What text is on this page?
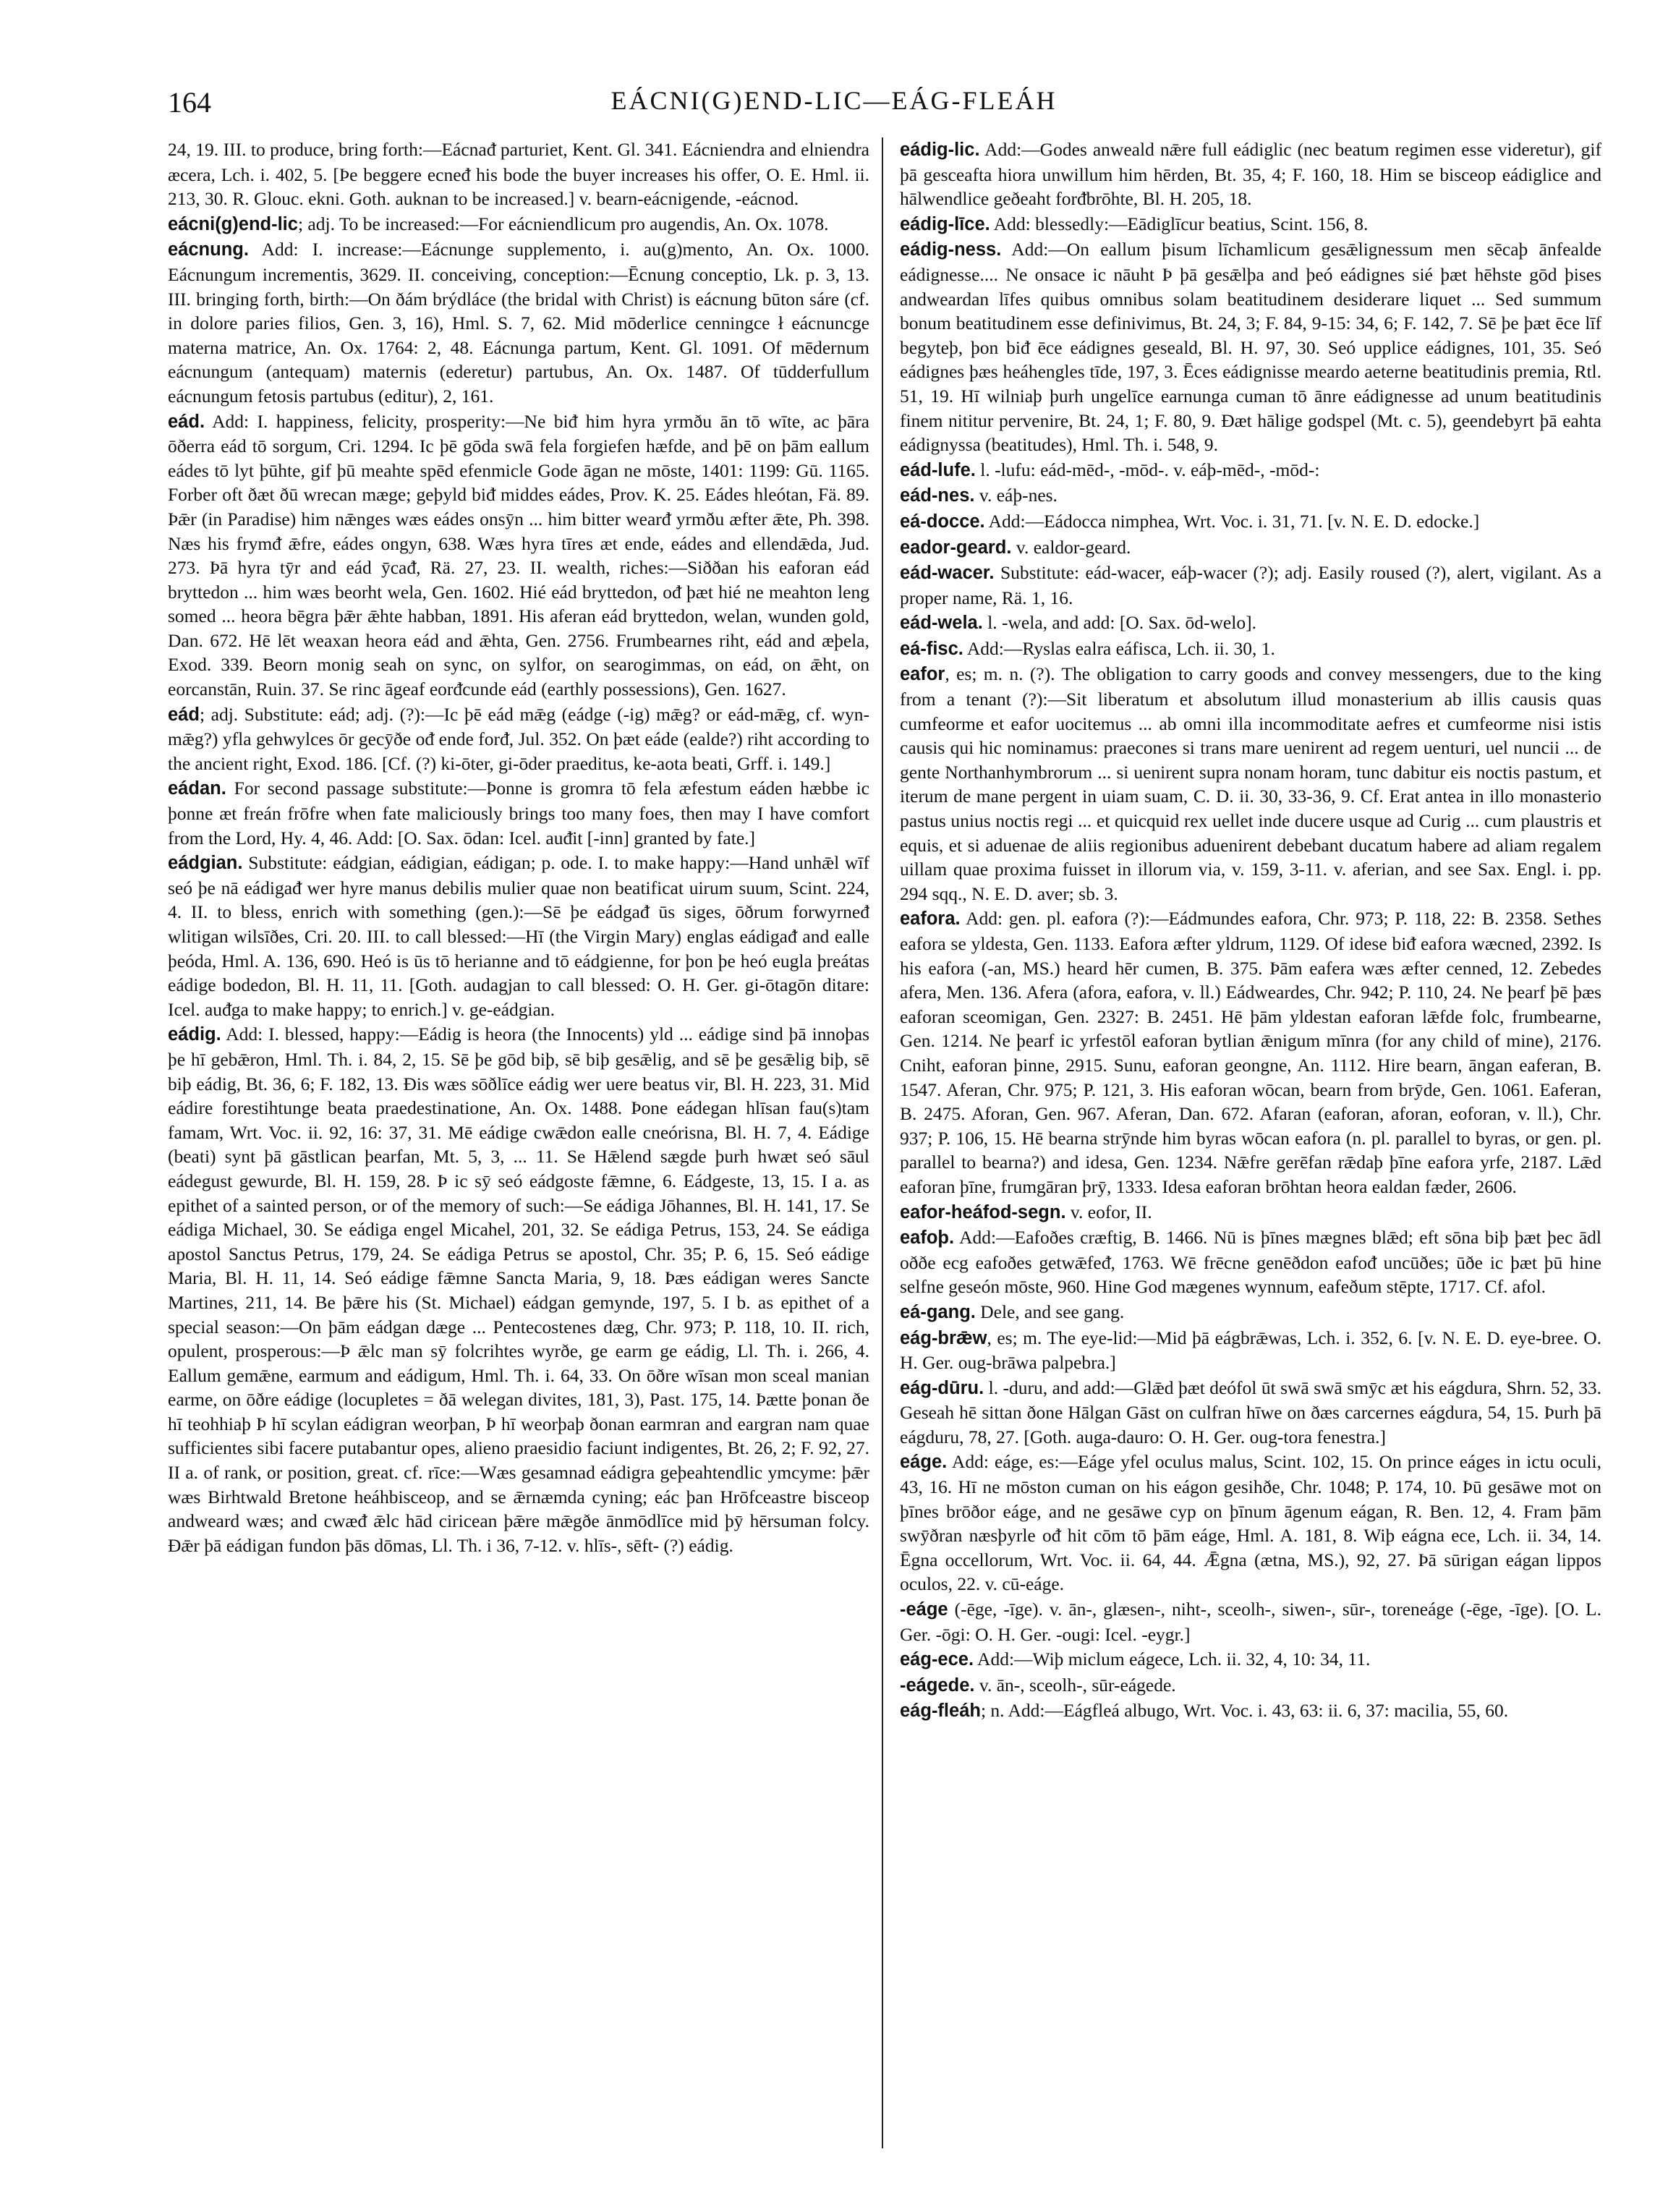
164	EÁCNI(G)END-LIC—EÁG-FLEÁH

24, 19. III. to produce, bring forth:—Eácnaᵭ parturiet, Kent. Gl. 341. Eácniendra and elniendra æcera, Lch. i. 402, 5. [Þe beggere ecneᵭ his bode the buyer increases his offer, O. E. Hml. ii. 213, 30. R. Glouc. ekni. Goth. auknan to be increased.] v. bearn-eácnigende, -eácnod.

eácni(g)end-lic; adj. To be increased:—For eácniendlicum pro augendis, An. Ox. 1078.

eácnung. Add: I. increase:—Eácnunge supplemento, i. au(g)mento, An. Ox. 1000. Eácnungum incrementis, 3629. II. conceiving, conception:—Ēcnung conceptio, Lk. p. 3, 13. III. bringing forth, birth:—On ðám brýdláce (the bridal with Christ) is eácnung būton sáre (cf. in dolore paries filios, Gen. 3, 16), Hml. S. 7, 62. Mid mōderlice cenningce ł eácnuncge materna matrice, An. Ox. 1764: 2, 48. Eácnunga partum, Kent. Gl. 1091. Of mēdernum eácnungum (antequam) maternis (ederetur) partubus, An. Ox. 1487. Of tūdderfullum eácnungum fetosis partubus (editur), 2, 161.

eád. Add: I. happiness, felicity, prosperity:—Ne biᵭ him hyra yrmðu ān tō wīte, ac þāra ōðerra eád tō sorgum, Cri. 1294. Ic þē gōda swā fela forgiefen hæfde, and þē on þām eallum eádes tō lyt þūhte, gif þū meahte spēd efenmicle Gode āgan ne mōste, 1401: 1199: Gū. 1165. Forber oft ðæt ðū wrecan mæge; geþyld biᵭ middes eádes, Prov. K. 25. Eádes hleótan, Fä. 89. Þǣr (in Paradise) him nǣnges wæs eádes onsȳn ... him bitter wearᵭ yrmðu æfter ǣte, Ph. 398. Næs his frymᵭ ǣfre, eádes ongyn, 638. Wæs hyra tīres æt ende, eádes and ellendǣda, Jud. 273. Þā hyra tȳr and eád ȳcaᵭ, Rä. 27, 23. II. wealth, riches:—Siððan his eaforan eád bryttedon ... him wæs beorht wela, Gen. 1602. Hié eád bryttedon, oᵭ þæt hié ne meahton leng somed ... heora bēgra þǣr ǣhte habban, 1891. His aferan eád bryttedon, welan, wunden gold, Dan. 672. Hē lēt weaxan heora eád and ǣhta, Gen. 2756. Frumbearnes riht, eád and æþela, Exod. 339. Beorn monig seah on sync, on sylfor, on searogimmas, on eád, on ǣht, on eorcanstān, Ruin. 37. Se rinc āgeaf eorᵭcunde eád (earthly possessions), Gen. 1627.

eád; adj. Substitute: eád; adj. (?):—Ic þē eád mǣg (eádge (-ig) mǣg? or eád-mǣg, cf. wyn-mǣg?) yfla gehwylces ōr gecȳðe oᵭ ende forᵭ, Jul. 352. On þæt eáde (ealde?) riht according to the ancient right, Exod. 186. [Cf. (?) ki-ōter, gi-ōder praeditus, ke-aota beati, Grff. i. 149.]

eádan. For second passage substitute:—Þonne is gromra tō fela æfestum eáden hæbbe ic þonne æt freán frōfre when fate maliciously brings too many foes, then may I have comfort from the Lord, Hy. 4, 46. Add: [O. Sax. ōdan: Icel. auᵭit [-inn] granted by fate.]

eádgian. Substitute: eádgian, eádigian, eádigan; p. ode. I. to make happy:—Hand unhǣl wīf seó þe nā eádigaᵭ wer hyre manus debilis mulier quae non beatificat uirum suum, Scint. 224, 4. II. to bless, enrich with something (gen.):—Sē þe eádgaᵭ ūs siges, ōðrum forwyrneᵭ wlitigan wilsīðes, Cri. 20. III. to call blessed:—Hī (the Virgin Mary) englas eádigaᵭ and ealle þeóda, Hml. A. 136, 690. Heó is ūs tō herianne and tō eádgienne, for þon þe heó eugla þreátas eádige bodedon, Bl. H. 11, 11. [Goth. audagjan to call blessed: O. H. Ger. gi-ōtagōn ditare: Icel. auᵭga to make happy; to enrich.] v. ge-eádgian.

eádig. Add: I. blessed, happy:—Eádig is heora (the Innocents) yld ... eádige sind þā innoþas þe hī gebǣron, Hml. Th. i. 84, 2, 15. Sē þe gōd biþ, sē biþ gesǣlig, and sē þe gesǣlig biþ, sē biþ eádig, Bt. 36, 6; F. 182, 13. Ðis wæs sōðlīce eádig wer uere beatus vir, Bl. H. 223, 31. Mid eádire forestihtunge beata praedestinatione, An. Ox. 1488. Þone eádegan hlīsan fau(s)tam famam, Wrt. Voc. ii. 92, 16: 37, 31. Mē eádige cwǣdon ealle cneórisna, Bl. H. 7, 4. Eádige (beati) synt þā gāstlican þearfan, Mt. 5, 3, ... 11. Se Hǣlend sægde þurh hwæt seó sāul eádegust gewurde, Bl. H. 159, 28. Þ ic sȳ seó eádgoste fǣmne, 6. Eádgeste, 13, 15. I a. as epithet of a sainted person, or of the memory of such:—Se eádiga Jōhannes, Bl. H. 141, 17. Se eádiga Michael, 30. Se eádiga engel Micahel, 201, 32. Se eádiga Petrus, 153, 24. Se eádiga apostol Sanctus Petrus, 179, 24. Se eádiga Petrus se apostol, Chr. 35; P. 6, 15. Seó eádige Maria, Bl. H. 11, 14. Seó eádige fǣmne Sancta Maria, 9, 18. Þæs eádigan weres Sancte Martines, 211, 14. Be þǣre his (St. Michael) eádgan gemynde, 197, 5. I b. as epithet of a special season:—On þām eádgan dæge ... Pentecostenes dæg, Chr. 973; P. 118, 10. II. rich, opulent, prosperous:—Þ ǣlc man sȳ folcrihtes wyrðe, ge earm ge eádig, Ll. Th. i. 266, 4. Eallum gemǣne, earmum and eádigum, Hml. Th. i. 64, 33. On ōðre wīsan mon sceal manian earme, on ōðre eádige (locupletes = ðā welegan divites, 181, 3), Past. 175, 14. Þætte þonan ðe hī teohhiaþ Þ hī scylan eádigran weorþan, Þ hī weorþaþ ðonan earmran and eargran nam quae sufficientes sibi facere putabantur opes, alieno praesidio faciunt indigentes, Bt. 26, 2; F. 92, 27. II a. of rank, or position, great. cf. rīce:—Wæs gesamnad eádigra geþeahtendlic ymcyme: þǣr wæs Birhtwald Bretone heáhbisceop, and se ǣrnæmda cyning; eác þan Hrōfceastre bisceop andweard wæs; and cwæᵭ ǣlc hād ciricean þǣre mǣgðe ānmōdlīce mid þȳ hērsuman folcy. Ðǣr þā eádigan fundon þās dōmas, Ll. Th. i 36, 7-12. v. hlīs-, sēft- (?) eádig.

eádig-lic. Add:—Godes anweald nǣre full eádiglic (nec beatum regimen esse videretur), gif þā gesceafta hiora unwillum him hērden, Bt. 35, 4; F. 160, 18. Him se bisceop eádiglice and hālwendlice geðeaht forᵭbrōhte, Bl. H. 205, 18.

eádig-līce. Add: blessedly:—Eādiglīcur beatius, Scint. 156, 8.

eádig-ness. Add:—On eallum þisum līchamlicum gesǣlignessum men sēcaþ ānfealde eádignesse.... Ne onsace ic nāuht Þ þā gesǣlþa and þeó eádignes sié þæt hēhste gōd þises andweardan līfes quibus omnibus solam beatitudinem desiderare liquet ... Sed summum bonum beatitudinem esse definivimus, Bt. 24, 3; F. 84, 9-15: 34, 6; F. 142, 7. Sē þe þæt ēce līf begyteþ, þon biᵭ ēce eádignes geseald, Bl. H. 97, 30. Seó upplice eádignes, 101, 35. Seó eádignes þæs heáhengles tīde, 197, 3. Ēces eádignisse meardo aeterne beatitudinis premia, Rtl. 51, 19. Hī wilniaþ þurh ungelīce earnunga cuman tō ānre eádignesse ad unum beatitudinis finem nititur pervenire, Bt. 24, 1; F. 80, 9. Ðæt hālige godspel (Mt. c. 5), geendebyrt þā eahta eádignyssa (beatitudes), Hml. Th. i. 548, 9.

eád-lufe. l. -lufu: eád-mēd-, -mōd-. v. eáþ-mēd-, -mōd-:

eád-nes. v. eáþ-nes.

eá-docce. Add:—Eádocca nimphea, Wrt. Voc. i. 31, 71. [v. N. E. D. edocke.]

eador-geard. v. ealdor-geard.

eád-wacer. Substitute: eád-wacer, eáþ-wacer (?); adj. Easily roused (?), alert, vigilant. As a proper name, Rä. 1, 16.

eád-wela. l. -wela, and add: [O. Sax. ōd-welo].

eá-fisc. Add:—Ryslas ealra eáfisca, Lch. ii. 30, 1.

eafor, es; m. n. (?). The obligation to carry goods and convey messengers, due to the king from a tenant (?):—Sit liberatum et absolutum illud monasterium ab illis causis quas cumfeorme et eafor uocitemus ... ab omni illa incommoditate aefres et cumfeorme nisi istis causis qui hic nominamus: praecones si trans mare uenirent ad regem uenturi, uel nuncii ... de gente Northanhymbrorum ... si uenirent supra nonam horam, tunc dabitur eis noctis pastum, et iterum de mane pergent in uiam suam, C. D. ii. 30, 33-36, 9. Cf. Erat antea in illo monasterio pastus unius noctis regi ... et quicquid rex uellet inde ducere usque ad Curig ... cum plaustris et equis, et si aduenae de aliis regionibus aduenirent debebant ducatum habere ad aliam regalem uillam quae proxima fuisset in illorum via, v. 159, 3-11. v. aferian, and see Sax. Engl. i. pp. 294 sqq., N. E. D. aver; sb. 3.

eafora. Add: gen. pl. eafora (?):—Eádmundes eafora, Chr. 973; P. 118, 22: B. 2358. Sethes eafora se yldesta, Gen. 1133. Eafora æfter yldrum, 1129. Of idese biᵭ eafora wæcned, 2392. Is his eafora (-an, MS.) heard hēr cumen, B. 375. Þām eafera wæs æfter cenned, 12. Zebedes afera, Men. 136. Afera (afora, eafora, v. ll.) Eádweardes, Chr. 942; P. 110, 24. Ne þearf þē þæs eaforan sceomigan, Gen. 2327: B. 2451. Hē þām yldestan eaforan lǣfde folc, frumbearne, Gen. 1214. Ne þearf ic yrfestōl eaforan bytlian ǣnigum mīnra (for any child of mine), 2176. Cniht, eaforan þinne, 2915. Sunu, eaforan geongne, An. 1112. Hire bearn, āngan eaferan, B. 1547. Aferan, Chr. 975; P. 121, 3. His eaforan wōcan, bearn from brȳde, Gen. 1061. Eaferan, B. 2475. Aforan, Gen. 967. Aferan, Dan. 672. Afaran (eaforan, aforan, eoforan, v. ll.), Chr. 937; P. 106, 15. Hē bearna strȳnde him byras wōcan eafora (n. pl. parallel to byras, or gen. pl. parallel to bearna?) and idesa, Gen. 1234. Nǣfre gerēfan rǣdaþ þīne eafora yrfe, 2187. Lǣd eaforan þīne, frumgāran þrȳ, 1333. Idesa eaforan brōhtan heora ealdan fæder, 2606.

eafor-heáfod-segn. v. eofor, II.

eafoþ. Add:—Eafoðes cræftig, B. 1466. Nū is þīnes mægnes blǣd; eft sōna biþ þæt þec ādl oððe ecg eafoðes getwǣfeᵭ, 1763. Wē frēcne genēðdon eafoᵭ uncūðes; ūðe ic þæt þū hine selfne geseón mōste, 960. Hine God mægenes wynnum, eafeðum stēpte, 1717. Cf. afol.

eá-gang. Dele, and see gang.

eág-brǣw, es; m. The eye-lid:—Mid þā eágbrǣwas, Lch. i. 352, 6. [v. N. E. D. eye-bree. O. H. Ger. oug-brāwa palpebra.]

eág-dūru. l. -duru, and add:—Glǣd þæt deófol ūt swā swā smȳc æt his eágdura, Shrn. 52, 33. Geseah hē sittan ðone Hālgan Gāst on culfran hīwe on ðæs carcernes eágdura, 54, 15. Þurh þā eágduru, 78, 27. [Goth. auga-dauro: O. H. Ger. oug-tora fenestra.]

eáge. Add: eáge, es:—Eáge yfel oculus malus, Scint. 102, 15. On prince eáges in ictu oculi, 43, 16. Hī ne mōston cuman on his eágon gesihðe, Chr. 1048; P. 174, 10. Þū gesāwe mot on þīnes brōðor eáge, and ne gesāwe cyp on þīnum āgenum eágan, R. Ben. 12, 4. Fram þām swȳðran næsþyrle oᵭ hit cōm tō þām eáge, Hml. A. 181, 8. Wiþ eágna ece, Lch. ii. 34, 14. Ēgna occellorum, Wrt. Voc. ii. 64, 44. Ǣgna (ætna, MS.), 92, 27. Þā sūrigan eágan lippos oculos, 22. v. cū-eáge.

-eáge (-ēge, -īge). v. ān-, glæsen-, niht-, sceolh-, siwen-, sūr-, toreneáge (-ēge, -īge). [O. L. Ger. -ōgi: O. H. Ger. -ougi: Icel. -eygr.]

eág-ece. Add:—Wiþ miclum eágece, Lch. ii. 32, 4, 10: 34, 11.

-eágede. v. ān-, sceolh-, sūr-eágede.

eág-fleáh; n. Add:—Eágfleá albugo, Wrt. Voc. i. 43, 63: ii. 6, 37: macilia, 55, 60.
